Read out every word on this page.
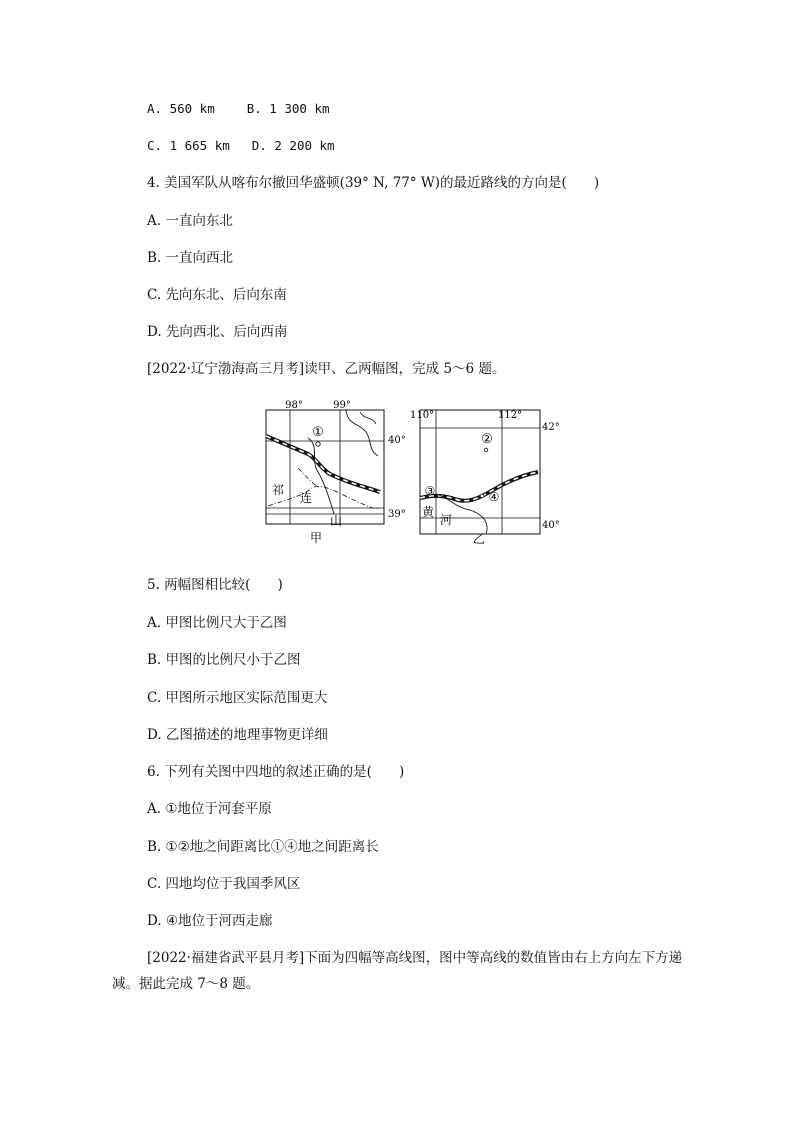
A. 560 km	B. 1 300 km
C. 1 665 km D. 2 200 km
4. 美国军队从喀布尔撤回华盛顿(39° N, 77° W)的最近路线的方向是(　　)
A. 一直向东北
B. 一直向西北
C. 先向东北、后向东南
D. 先向西北、后向西南
[2022·辽宁渤海高三月考]读甲、乙两幅图，完成 5～6 题。
①
98°	99°
40°
39°
祁
连
山
甲
②
③	④
110°	112°
42°
40°
黄
河
乙
5. 两幅图相比较(　　)
A. 甲图比例尺大于乙图
B. 甲图的比例尺小于乙图
C. 甲图所示地区实际范围更大
D. 乙图描述的地理事物更详细
6. 下列有关图中四地的叙述正确的是(　　)
A. ①地位于河套平原
B. ①②地之间距离比①④地之间距离长
C. 四地均位于我国季风区
D. ④地位于河西走廊
[2022·福建省武平县月考]下面为四幅等高线图，图中等高线的数值皆由右上方向左下方递减。据此完成 7～8 题。
